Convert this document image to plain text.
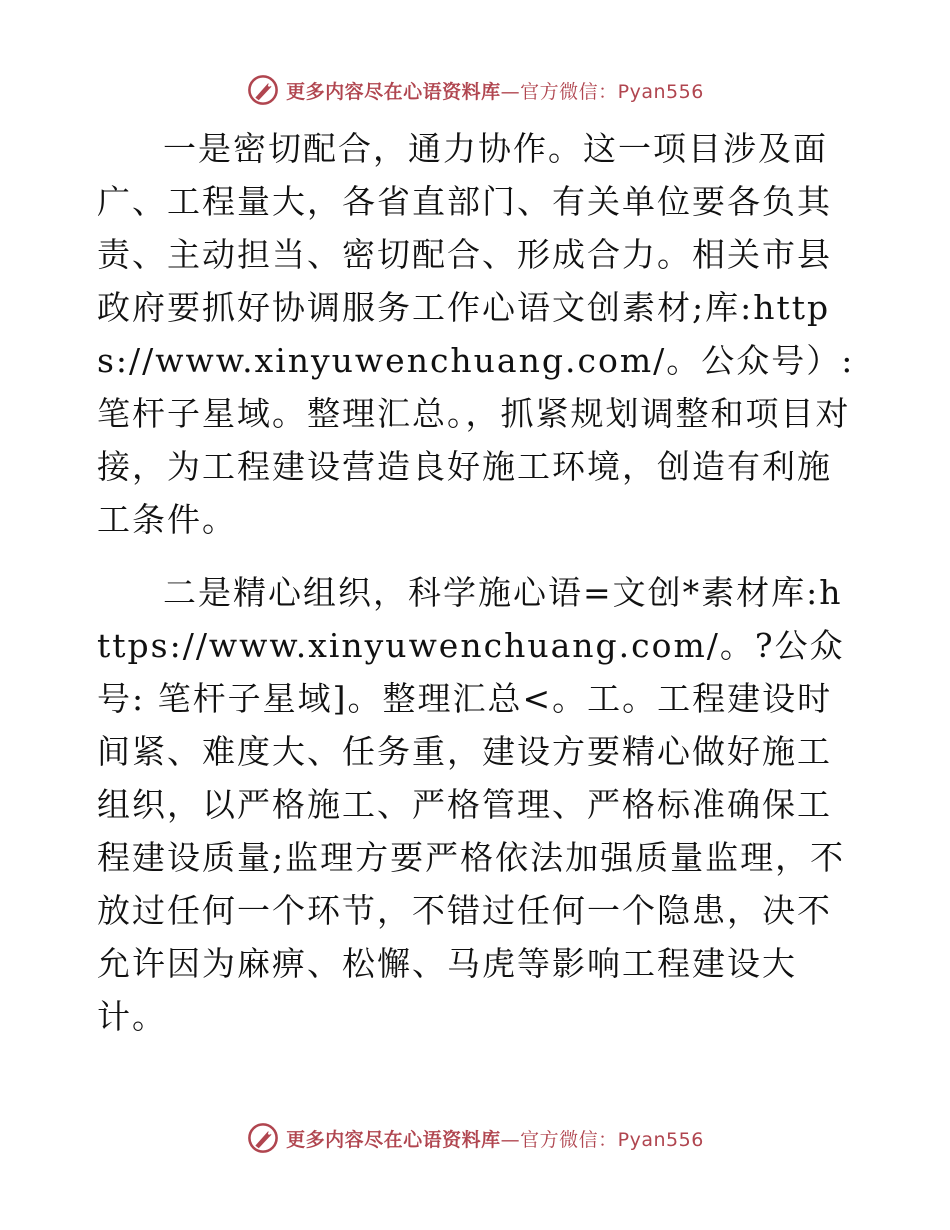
更多内容尽在心语资料库—官方微信：Pyan556

一是密切配合，通力协作。这一项目涉及面广、工程量大，各省直部门、有关单位要各负其责、主动担当、密切配合、形成合力。相关市县政府要抓好协调服务工作心语文创素材;库:https://www.xinyuwenchuang.com/。公众号）:笔杆子星域。整理汇总。，抓紧规划调整和项目对接，为工程建设营造良好施工环境，创造有利施工条件。

二是精心组织，科学施心语=文创*素材库:https://www.xinyuwenchuang.com/。?公众号: 笔杆子星域]。整理汇总<。工。工程建设时间紧、难度大、任务重，建设方要精心做好施工组织，以严格施工、严格管理、严格标准确保工程建设质量;监理方要严格依法加强质量监理，不放过任何一个环节，不错过任何一个隐患，决不允许因为麻痹、松懈、马虎等影响工程建设大计。

更多内容尽在心语资料库—官方微信：Pyan556
